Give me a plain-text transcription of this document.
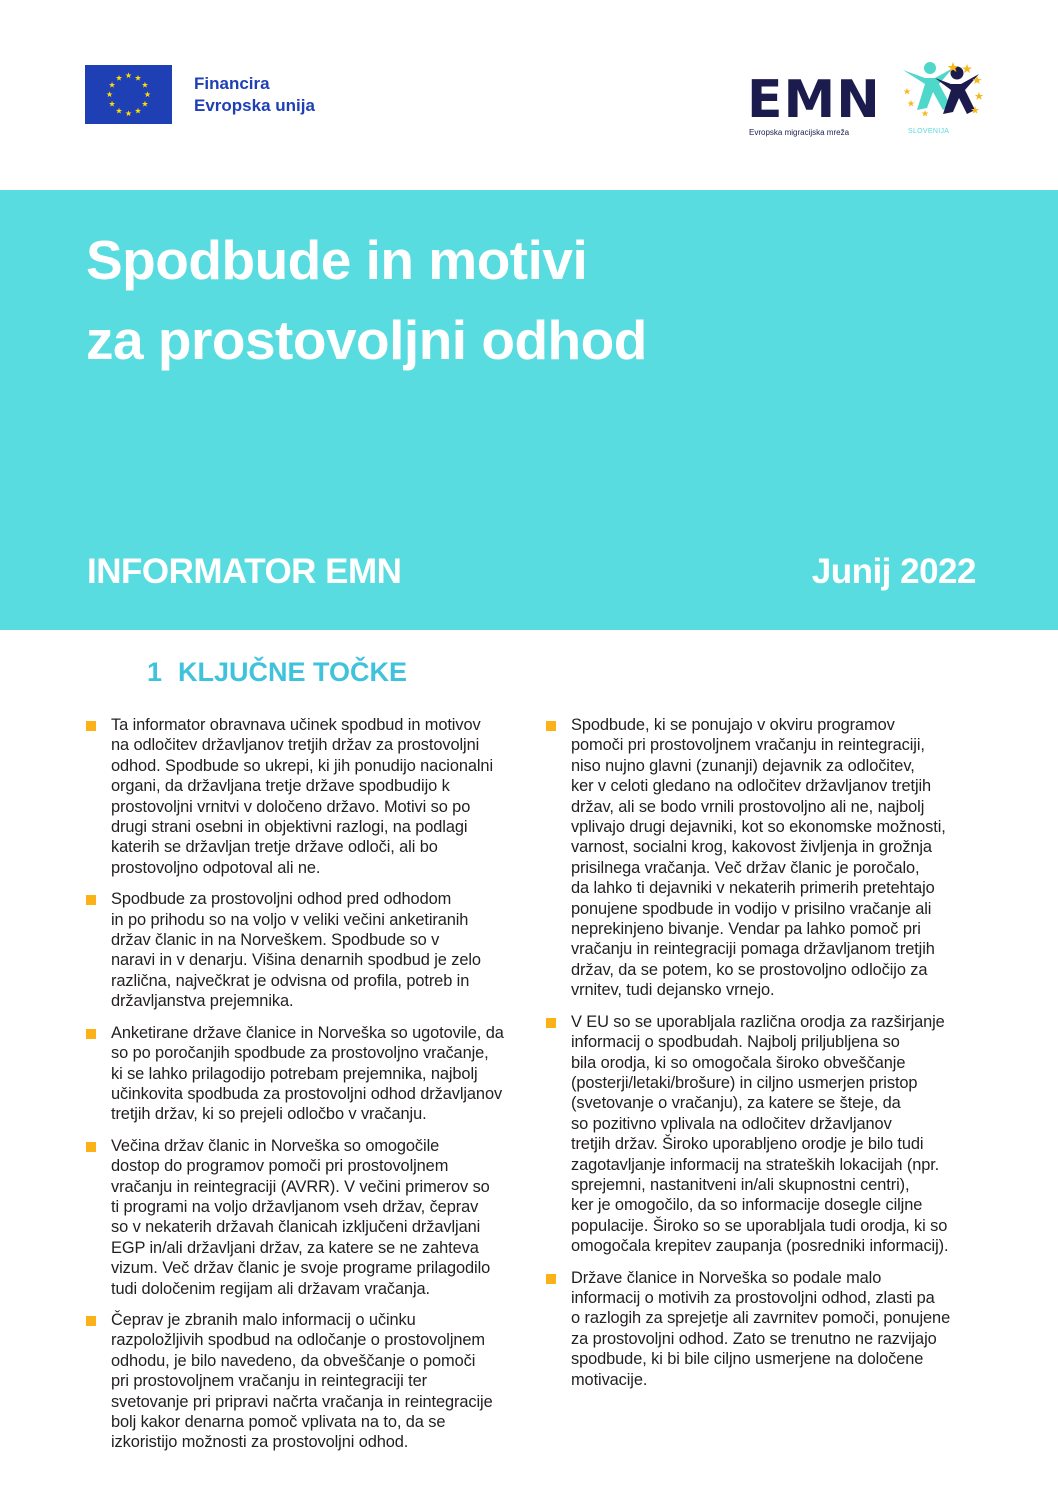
Financira
Evropska unija	EMN
Evropska migracijska mreža	SLOVENIJA
Spodbude in motivi
za prostovoljni odhod
INFORMATOR EMN	Junij 2022
1 KLJUČNE TOČKE
Ta informator obravnava učinek spodbud in motivov
na odločitev državljanov tretjih držav za prostovoljni
odhod. Spodbude so ukrepi, ki jih ponudijo nacionalni
organi, da državljana tretje države spodbudijo k
prostovoljni vrnitvi v določeno državo. Motivi so po
drugi strani osebni in objektivni razlogi, na podlagi
katerih se državljan tretje države odloči, ali bo
prostovoljno odpotoval ali ne.
Spodbude za prostovoljni odhod pred odhodom
in po prihodu so na voljo v veliki večini anketiranih
držav članic in na Norveškem. Spodbude so v
naravi in v denarju. Višina denarnih spodbud je zelo
različna, največkrat je odvisna od profila, potreb in
državljanstva prejemnika.
Anketirane države članice in Norveška so ugotovile, da
so po poročanjih spodbude za prostovoljno vračanje,
ki se lahko prilagodijo potrebam prejemnika, najbolj
učinkovita spodbuda za prostovoljni odhod državljanov
tretjih držav, ki so prejeli odločbo v vračanju.
Večina držav članic in Norveška so omogočile
dostop do programov pomoči pri prostovoljnem
vračanju in reintegraciji (AVRR). V večini primerov so
ti programi na voljo državljanom vseh držav, čeprav
so v nekaterih državah članicah izključeni državljani
EGP in/ali državljani držav, za katere se ne zahteva
vizum. Več držav članic je svoje programe prilagodilo
tudi določenim regijam ali državam vračanja.
Čeprav je zbranih malo informacij o učinku
razpoložljivih spodbud na odločanje o prostovoljnem
odhodu, je bilo navedeno, da obveščanje o pomoči
pri prostovoljnem vračanju in reintegraciji ter
svetovanje pri pripravi načrta vračanja in reintegracije
bolj kakor denarna pomoč vplivata na to, da se
izkoristijo možnosti za prostovoljni odhod.
Spodbude, ki se ponujajo v okviru programov
pomoči pri prostovoljnem vračanju in reintegraciji,
niso nujno glavni (zunanji) dejavnik za odločitev,
ker v celoti gledano na odločitev državljanov tretjih
držav, ali se bodo vrnili prostovoljno ali ne, najbolj
vplivajo drugi dejavniki, kot so ekonomske možnosti,
varnost, socialni krog, kakovost življenja in grožnja
prisilnega vračanja. Več držav članic je poročalo,
da lahko ti dejavniki v nekaterih primerih pretehtajo
ponujene spodbude in vodijo v prisilno vračanje ali
neprekinjeno bivanje. Vendar pa lahko pomoč pri
vračanju in reintegraciji pomaga državljanom tretjih
držav, da se potem, ko se prostovoljno odločijo za
vrnitev, tudi dejansko vrnejo.
V EU so se uporabljala različna orodja za razširjanje
informacij o spodbudah. Najbolj priljubljena so
bila orodja, ki so omogočala široko obveščanje
(posterji/letaki/brošure) in ciljno usmerjen pristop
(svetovanje o vračanju), za katere se šteje, da
so pozitivno vplivala na odločitev državljanov
tretjih držav. Široko uporabljeno orodje je bilo tudi
zagotavljanje informacij na strateških lokacijah (npr.
sprejemni, nastanitveni in/ali skupnostni centri),
ker je omogočilo, da so informacije dosegle ciljne
populacije. Široko so se uporabljala tudi orodja, ki so
omogočala krepitev zaupanja (posredniki informacij).
Države članice in Norveška so podale malo
informacij o motivih za prostovoljni odhod, zlasti pa
o razlogih za sprejetje ali zavrnitev pomoči, ponujene
za prostovoljni odhod. Zato se trenutno ne razvijajo
spodbude, ki bi bile ciljno usmerjene na določene
motivacije.
